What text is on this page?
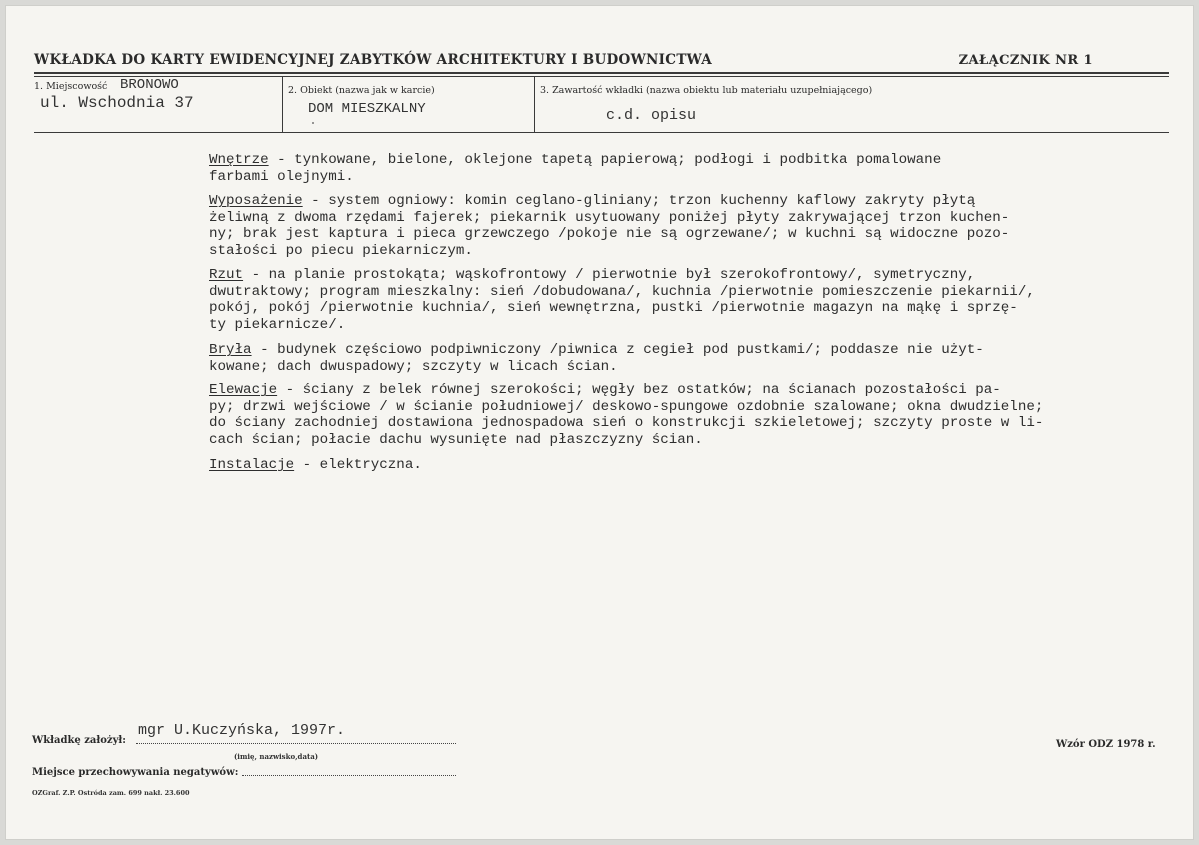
WKŁADKA DO KARTY EWIDENCYJNEJ ZABYTKÓW ARCHITEKTURY I BUDOWNICTWA	ZAŁĄCZNIK NR 1
1. Miejscowość BRONOWO
ul. Wschodnia 37
2. Obiekt (nazwa jak w karcie)
DOM MIESZKALNY
3. Zawartość wkładki (nazwa obiektu lub materiału uzupełniającego)
c.d. opisu
Wnętrze - tynkowane, bielone, oklejone tapetą papierową; podłogi i podbitka pomalowane
farbami olejnymi.
Wyposażenie - system ogniowy: komin ceglano-gliniany; trzon kuchenny kaflowy zakryty płytą
żeliwną z dwoma rzędami fajerek; piekarnik usytuowany poniżej płyty zakrywającej trzon kuchen-
ny; brak jest kaptura i pieca grzewczego /pokoje nie są ogrzewane/; w kuchni są widoczne pozo-
stałości po piecu piekarniczym.
Rzut - na planie prostokąta; wąskofrontowy / pierwotnie był szerokofrontowy/, symetryczny,
dwutraktowy; program mieszkalny: sień /dobudowana/, kuchnia /pierwotnie pomieszczenie piekarnii/,
pokój, pokój /pierwotnie kuchnia/, sień wewnętrzna, pustki /pierwotnie magazyn na mąkę i sprzę-
ty piekarnicze/.
Bryła - budynek częściowo podpiwniczony /piwnica z cegieł pod pustkami/; poddasze nie użyt-
kowane; dach dwuspadowy; szczyty w licach ścian.
Elewacje - ściany z belek równej szerokości; węgły bez ostatków; na ścianach pozostałości pa-
py; drzwi wejściowe / w ścianie południowej/ deskowo-spungowe ozdobnie szalowane; okna dwudzielne;
do ściany zachodniej dostawiona jednospadowa sień o konstrukcji szkieletowej; szczyty proste w li-
cach ścian; połacie dachu wysunięte nad płaszczyzny ścian.
Instalacje - elektryczna.
Wkładkę założył:
mgr U.Kuczyńska, 1997r.
(imię, nazwisko,data)
Miejsce przechowywania negatywów:
Wzór ODZ 1978 r.
OZGraf. Z.P. Ostróda zam. 699 nakł. 23.600
